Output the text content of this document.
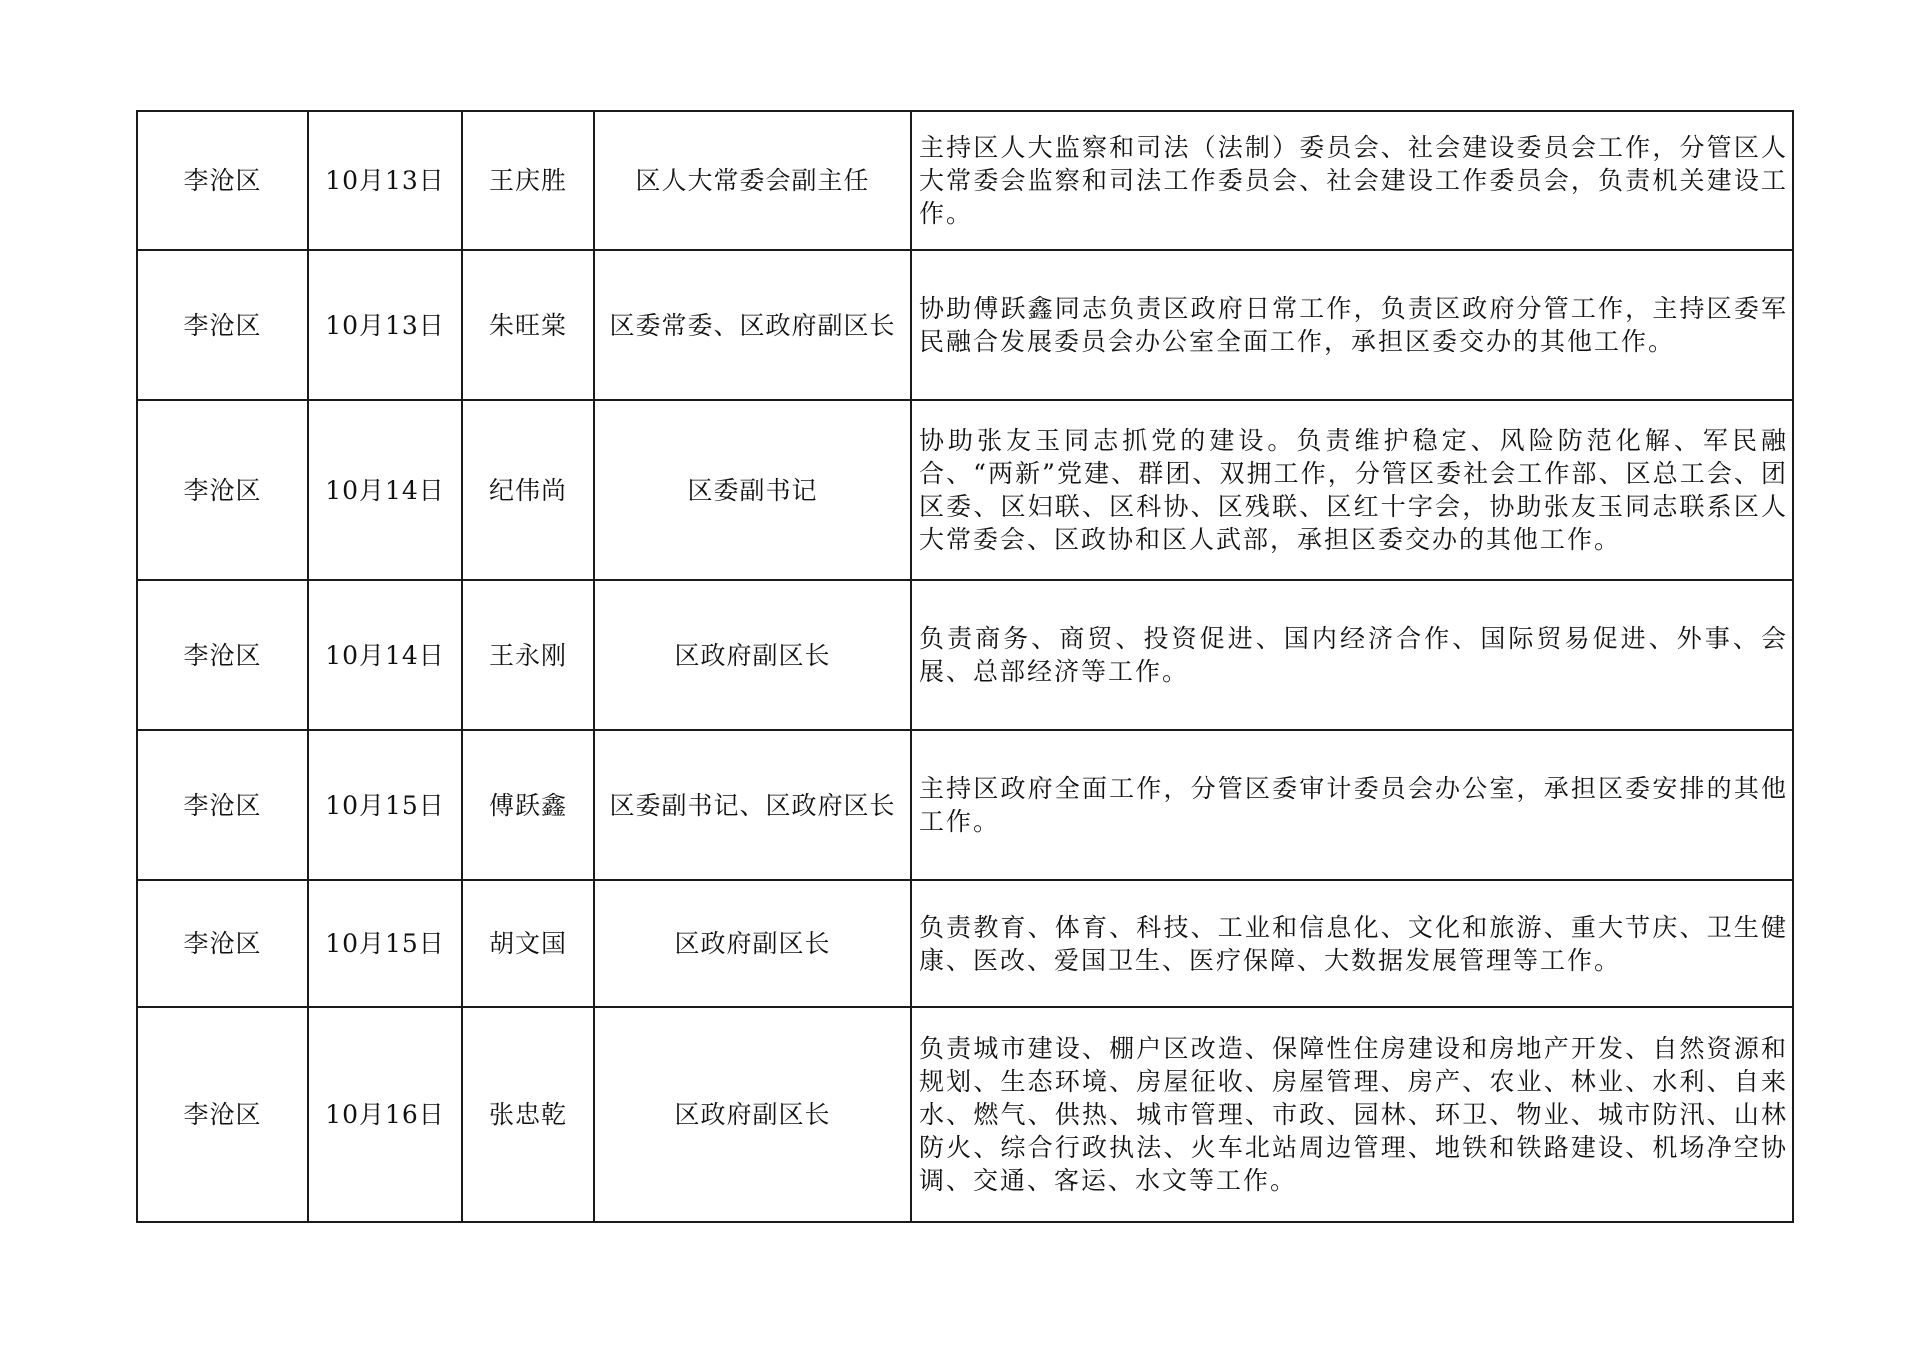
李沧区	10月13日	王庆胜	区人大常委会副主任	主持区人大监察和司法（法制）委员会、社会建设委员会工作，分管区人大常委会监察和司法工作委员会、社会建设工作委员会，负责机关建设工作。
李沧区	10月13日	朱旺棠	区委常委、区政府副区长	协助傅跃鑫同志负责区政府日常工作，负责区政府分管工作，主持区委军民融合发展委员会办公室全面工作，承担区委交办的其他工作。
李沧区	10月14日	纪伟尚	区委副书记	协助张友玉同志抓党的建设。负责维护稳定、风险防范化解、军民融合、“两新”党建、群团、双拥工作，分管区委社会工作部、区总工会、团区委、区妇联、区科协、区残联、区红十字会，协助张友玉同志联系区人大常委会、区政协和区人武部，承担区委交办的其他工作。
李沧区	10月14日	王永刚	区政府副区长	负责商务、商贸、投资促进、国内经济合作、国际贸易促进、外事、会展、总部经济等工作。
李沧区	10月15日	傅跃鑫	区委副书记、区政府区长	主持区政府全面工作，分管区委审计委员会办公室，承担区委安排的其他工作。
李沧区	10月15日	胡文国	区政府副区长	负责教育、体育、科技、工业和信息化、文化和旅游、重大节庆、卫生健康、医改、爱国卫生、医疗保障、大数据发展管理等工作。
李沧区	10月16日	张忠乾	区政府副区长	负责城市建设、棚户区改造、保障性住房建设和房地产开发、自然资源和规划、生态环境、房屋征收、房屋管理、房产、农业、林业、水利、自来水、燃气、供热、城市管理、市政、园林、环卫、物业、城市防汛、山林防火、综合行政执法、火车北站周边管理、地铁和铁路建设、机场净空协调、交通、客运、水文等工作。
